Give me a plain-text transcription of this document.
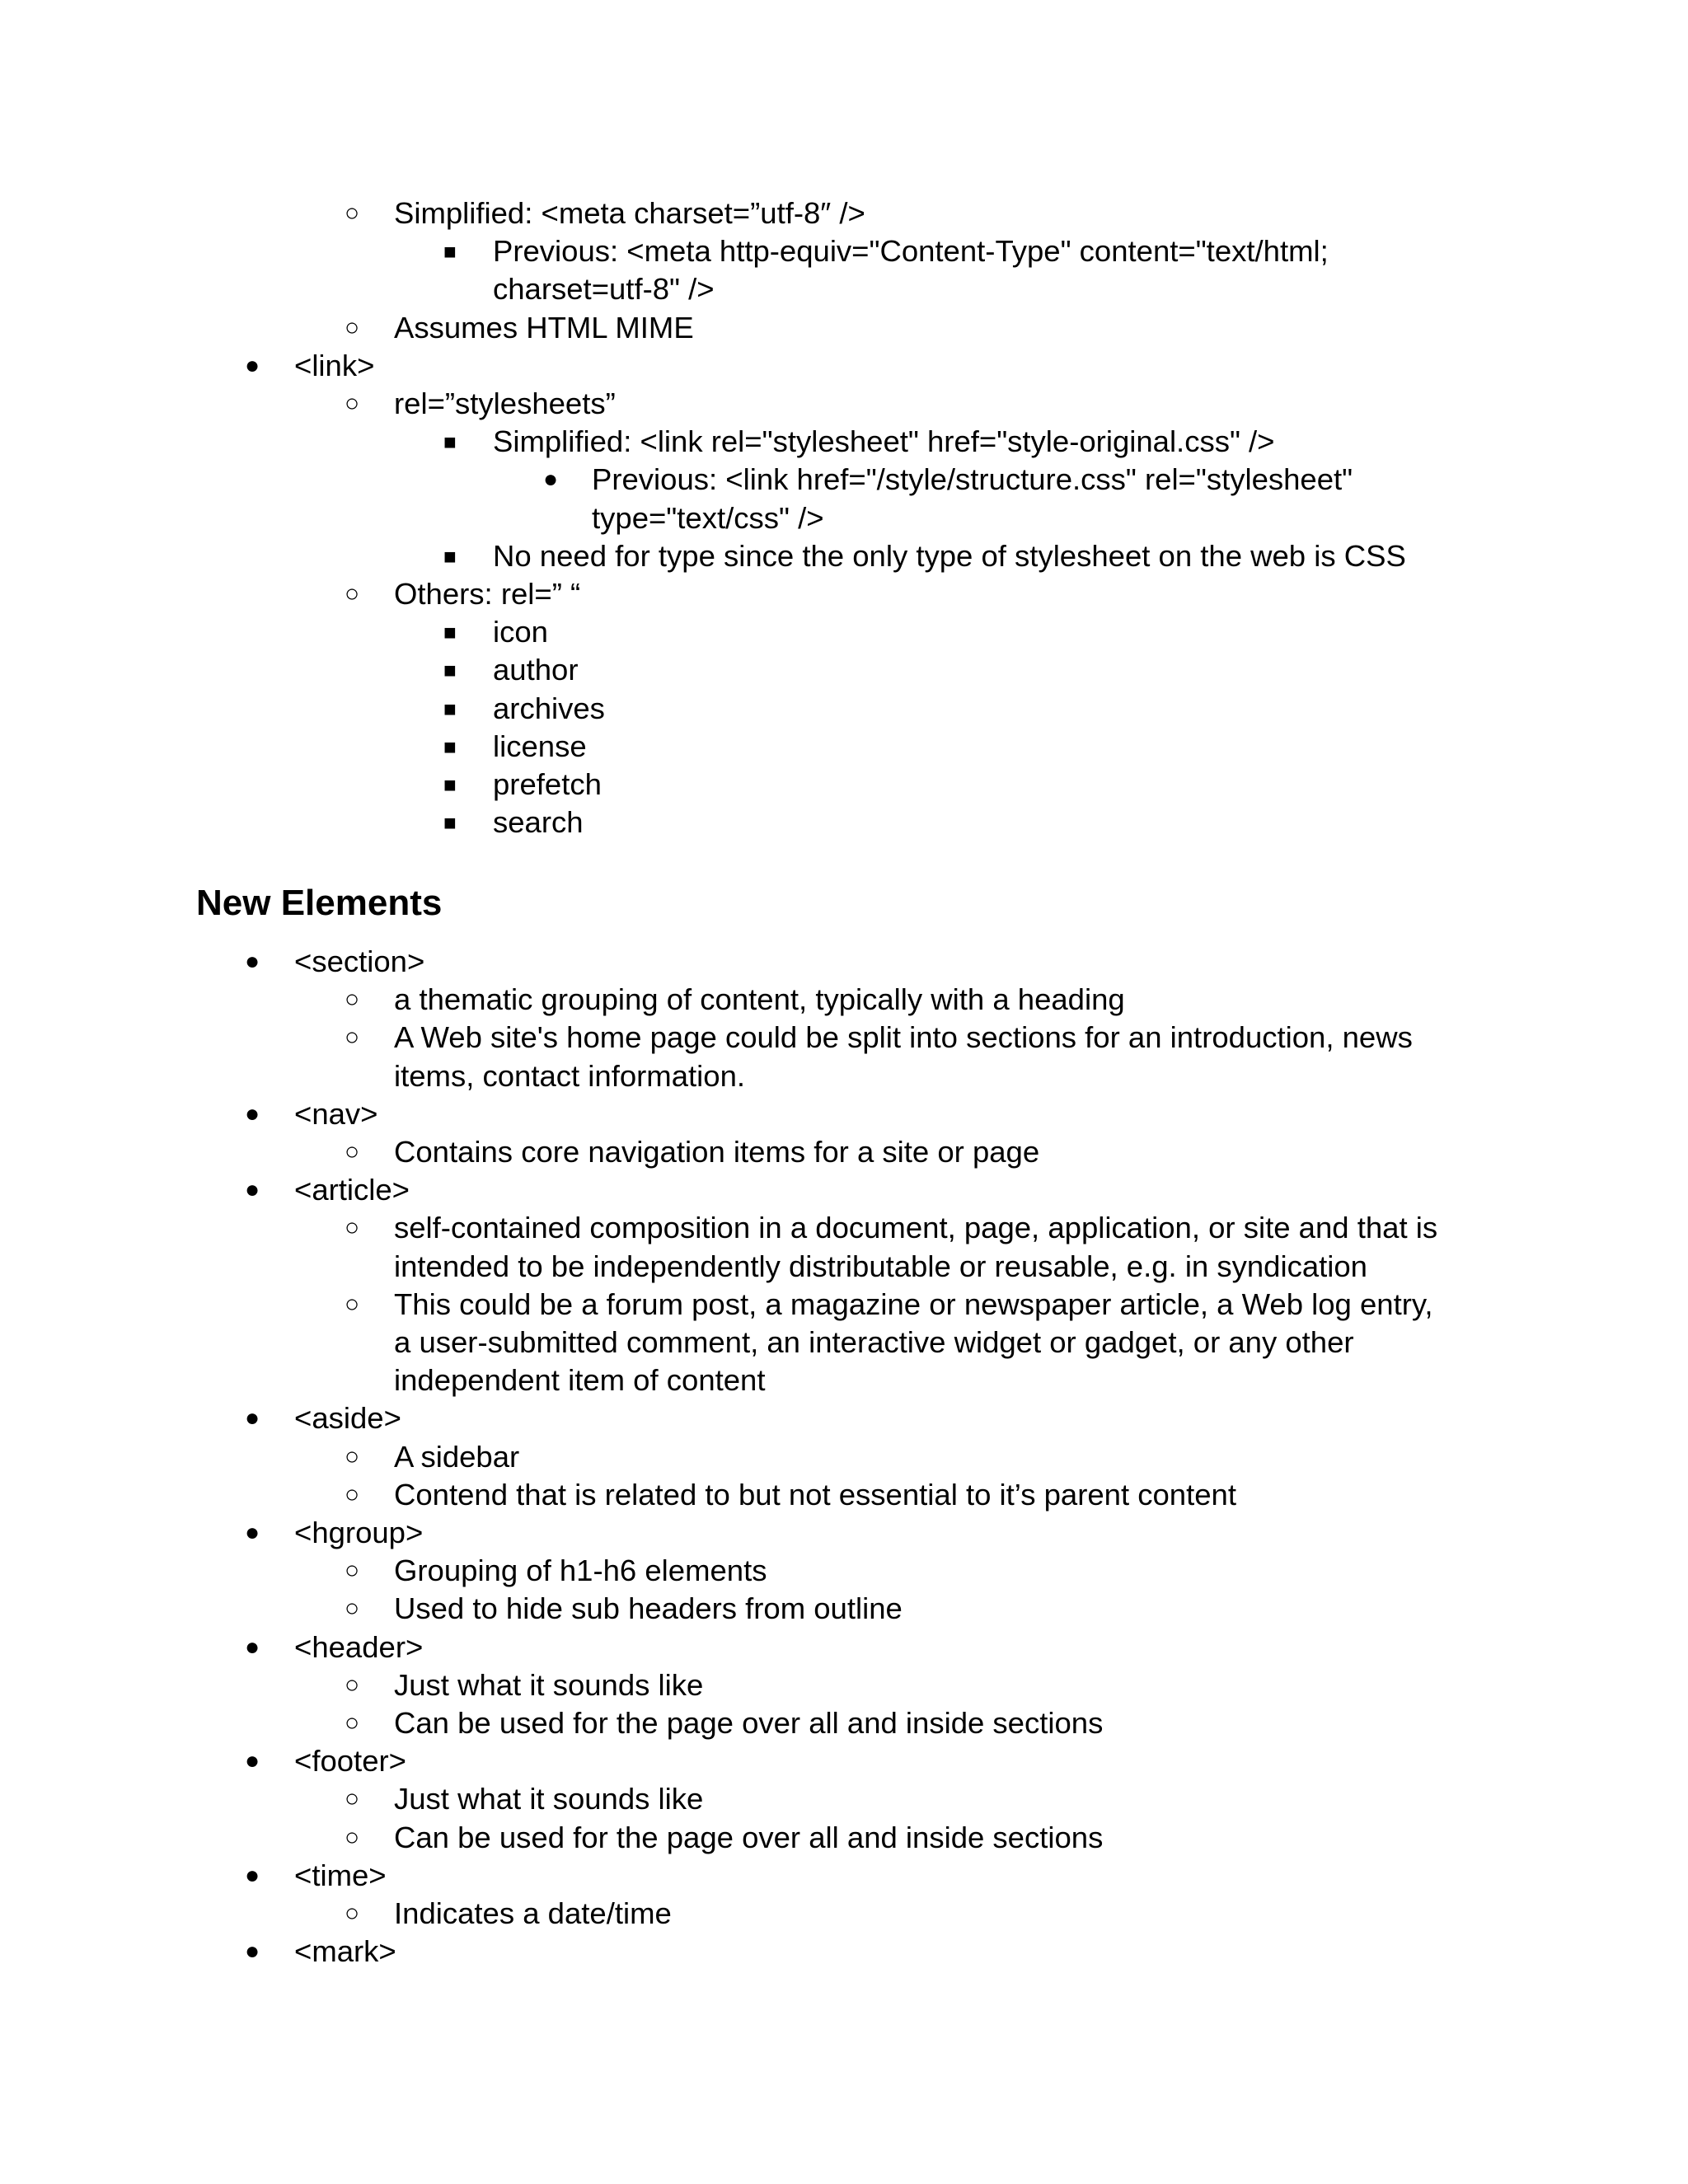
○ Simplified: <meta charset=”utf-8″ />
■ Previous: <meta http-equiv="Content-Type" content="text/html;
charset=utf-8" />
○ Assumes HTML MIME
● <link>
○ rel=”stylesheets”
■ Simplified: <link rel="stylesheet" href="style-original.css" />
● Previous: <link href="/style/structure.css" rel="stylesheet"
type="text/css" />
■ No need for type since the only type of stylesheet on the web is CSS
○ Others: rel=” “
■ icon
■ author
■ archives
■ license
■ prefetch
■ search
New Elements
● <section>
○ a thematic grouping of content, typically with a heading
○ A Web site's home page could be split into sections for an introduction, news
items, contact information.
● <nav>
○ Contains core navigation items for a site or page
● <article>
○ self-contained composition in a document, page, application, or site and that is
intended to be independently distributable or reusable, e.g. in syndication
○ This could be a forum post, a magazine or newspaper article, a Web log entry,
a user-submitted comment, an interactive widget or gadget, or any other
independent item of content
● <aside>
○ A sidebar
○ Contend that is related to but not essential to it’s parent content
● <hgroup>
○ Grouping of h1-h6 elements
○ Used to hide sub headers from outline
● <header>
○ Just what it sounds like
○ Can be used for the page over all and inside sections
● <footer>
○ Just what it sounds like
○ Can be used for the page over all and inside sections
● <time>
○ Indicates a date/time
● <mark>
